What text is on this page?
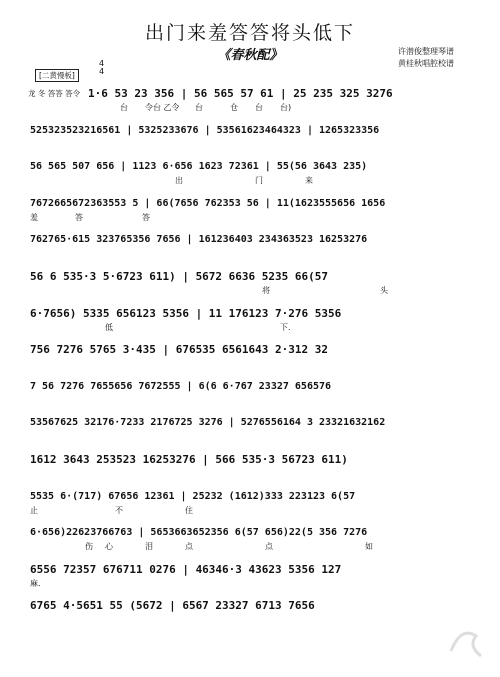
出门来羞答答将头低下
《春秋配》	许潜俊整理琴谱
黄桂秋唱腔校谱
[二黄慢板]
4
4
龙 冬 答答 答令 1·6 53 23 356 | 56 565 57 61 | 25 235 325 3276
台 令台 乙令 台	仓 台 台)
525323523216561 | 5325233676 | 53561623464323 | 1265323356
56 565 507 656 | 1123 6·656 1623 72361 | 55(56 3643 235)
出	门	来
7672665672363553 5 | 66(7656 762353 56 | 11(1623555656 1656
羞	答	答
762765·615 323765356 7656 | 161236403 234363523 16253276
56 6 535·3 5·6723 611) | 5672 6636 5235 66(57
将	头
6·7656) 5335 656123 5356 | 11 176123 7·276 5356
低	下.
756 7276 5765 3·435 | 676535 6561643 2·312 32
7 56 7276 7655656 7672555 | 6(6 6·767 23327 656576
53567625 32176·7233 2176725 3276 | 5276556164 3 23321632162
1612 3643 253523 16253276 | 566 535·3 56723 611)
5535 6·(717) 67656 12361 | 25232 (1612)333 223123 6(57
止	不	住
6·656)22623766763 | 5653663652356 6(57 656)22(5 356 7276
伤 心	泪	点	点	如
6556 72357 676711 0276 | 46346·3 43623 5356 127
麻.
6765 4·5651 55 (5672 | 6567 23327 6713 7656
